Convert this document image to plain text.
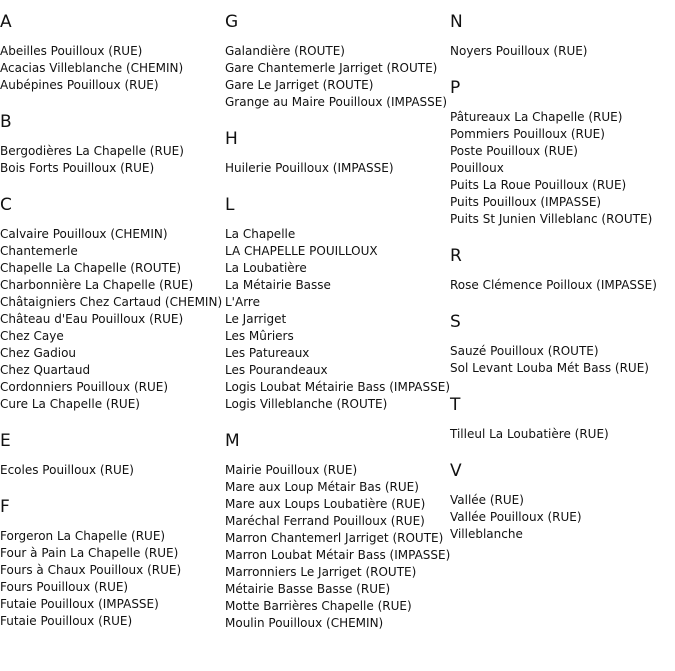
A
Abeilles Pouilloux (RUE)
Acacias Villeblanche (CHEMIN)
Aubépines Pouilloux (RUE)
B
Bergodières La Chapelle (RUE)
Bois Forts Pouilloux (RUE)
C
Calvaire Pouilloux (CHEMIN)
Chantemerle
Chapelle La Chapelle (ROUTE)
Charbonnière La Chapelle (RUE)
Châtaigniers Chez Cartaud (CHEMIN)
Château d'Eau Pouilloux (RUE)
Chez Caye
Chez Gadiou
Chez Quartaud
Cordonniers Pouilloux (RUE)
Cure La Chapelle (RUE)
E
Ecoles Pouilloux (RUE)
F
Forgeron La Chapelle (RUE)
Four à Pain La Chapelle (RUE)
Fours à Chaux Pouilloux (RUE)
Fours Pouilloux (RUE)
Futaie Pouilloux (IMPASSE)
Futaie Pouilloux (RUE)
G
Galandière (ROUTE)
Gare Chantemerle Jarriget (ROUTE)
Gare Le Jarriget (ROUTE)
Grange au Maire Pouilloux (IMPASSE)
H
Huilerie Pouilloux (IMPASSE)
L
La Chapelle
LA CHAPELLE POUILLOUX
La Loubatière
La Métairie Basse
L'Arre
Le Jarriget
Les Mûriers
Les Patureaux
Les Pourandeaux
Logis Loubat Métairie Bass (IMPASSE)
Logis Villeblanche (ROUTE)
M
Mairie Pouilloux (RUE)
Mare aux Loup Métair Bas (RUE)
Mare aux Loups Loubatière (RUE)
Maréchal Ferrand Pouilloux (RUE)
Marron Chantemerl Jarriget (ROUTE)
Marron Loubat Métair Bass (IMPASSE)
Marronniers Le Jarriget (ROUTE)
Métairie Basse Basse (RUE)
Motte Barrières Chapelle (RUE)
Moulin Pouilloux (CHEMIN)
N
Noyers Pouilloux (RUE)
P
Pâtureaux La Chapelle (RUE)
Pommiers Pouilloux (RUE)
Poste Pouilloux (RUE)
Pouilloux
Puits La Roue Pouilloux (RUE)
Puits Pouilloux (IMPASSE)
Puits St Junien Villeblanc (ROUTE)
R
Rose Clémence Poilloux (IMPASSE)
S
Sauzé Pouilloux (ROUTE)
Sol Levant Louba Mét Bass (RUE)
T
Tilleul La Loubatière (RUE)
V
Vallée (RUE)
Vallée Pouilloux (RUE)
Villeblanche
